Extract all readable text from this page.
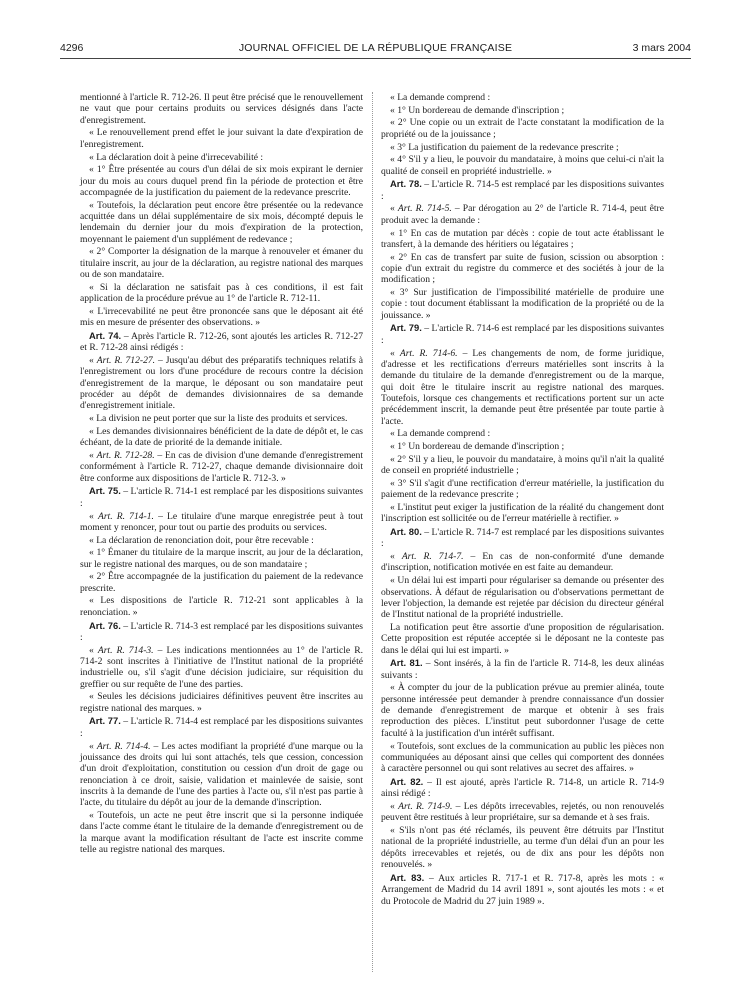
4296	JOURNAL OFFICIEL DE LA RÉPUBLIQUE FRANÇAISE	3 mars 2004

mentionné à l'article R. 712-26. Il peut être précisé que le renouvellement ne vaut que pour certains produits ou services désignés dans l'acte d'enregistrement.

« Le renouvellement prend effet le jour suivant la date d'expiration de l'enregistrement.

« La déclaration doit à peine d'irrecevabilité :

« 1° Être présentée au cours d'un délai de six mois expirant le dernier jour du mois au cours duquel prend fin la période de protection et être accompagnée de la justification du paiement de la redevance prescrite.

« Toutefois, la déclaration peut encore être présentée ou la redevance acquittée dans un délai supplémentaire de six mois, décompté depuis le lendemain du dernier jour du mois d'expiration de la protection, moyennant le paiement d'un supplément de redevance ;

« 2° Comporter la désignation de la marque à renouveler et émaner du titulaire inscrit, au jour de la déclaration, au registre national des marques ou de son mandataire.

« Si la déclaration ne satisfait pas à ces conditions, il est fait application de la procédure prévue au 1° de l'article R. 712-11.

« L'irrecevabilité ne peut être prononcée sans que le déposant ait été mis en mesure de présenter des observations. »

Art. 74. – Après l'article R. 712-26, sont ajoutés les articles R. 712-27 et R. 712-28 ainsi rédigés :

« Art. R. 712-27. – Jusqu'au début des préparatifs techniques relatifs à l'enregistrement ou lors d'une procédure de recours contre la décision d'enregistrement de la marque, le déposant ou son mandataire peut procéder au dépôt de demandes divisionnaires de sa demande d'enregistrement initiale.

« La division ne peut porter que sur la liste des produits et services.

« Les demandes divisionnaires bénéficient de la date de dépôt et, le cas échéant, de la date de priorité de la demande initiale.

« Art. R. 712-28. – En cas de division d'une demande d'enregistrement conformément à l'article R. 712-27, chaque demande divisionnaire doit être conforme aux dispositions de l'article R. 712-3. »

Art. 75. – L'article R. 714-1 est remplacé par les dispositions suivantes :

« Art. R. 714-1. – Le titulaire d'une marque enregistrée peut à tout moment y renoncer, pour tout ou partie des produits ou services.

« La déclaration de renonciation doit, pour être recevable :

« 1° Émaner du titulaire de la marque inscrit, au jour de la déclaration, sur le registre national des marques, ou de son mandataire ;

« 2° Être accompagnée de la justification du paiement de la redevance prescrite.

« Les dispositions de l'article R. 712-21 sont applicables à la renonciation. »

Art. 76. – L'article R. 714-3 est remplacé par les dispositions suivantes :

« Art. R. 714-3. – Les indications mentionnées au 1° de l'article R. 714-2 sont inscrites à l'initiative de l'Institut national de la propriété industrielle ou, s'il s'agit d'une décision judiciaire, sur réquisition du greffier ou sur requête de l'une des parties.

« Seules les décisions judiciaires définitives peuvent être inscrites au registre national des marques. »

Art. 77. – L'article R. 714-4 est remplacé par les dispositions suivantes :

« Art. R. 714-4. – Les actes modifiant la propriété d'une marque ou la jouissance des droits qui lui sont attachés, tels que cession, concession d'un droit d'exploitation, constitution ou cession d'un droit de gage ou renonciation à ce droit, saisie, validation et mainlevée de saisie, sont inscrits à la demande de l'une des parties à l'acte ou, s'il n'est pas partie à l'acte, du titulaire du dépôt au jour de la demande d'inscription.

« Toutefois, un acte ne peut être inscrit que si la personne indiquée dans l'acte comme étant le titulaire de la demande d'enregistrement ou de la marque avant la modification résultant de l'acte est inscrite comme telle au registre national des marques.

« La demande comprend :

« 1° Un bordereau de demande d'inscription ;

« 2° Une copie ou un extrait de l'acte constatant la modification de la propriété ou de la jouissance ;

« 3° La justification du paiement de la redevance prescrite ;

« 4° S'il y a lieu, le pouvoir du mandataire, à moins que celui-ci n'ait la qualité de conseil en propriété industrielle. »

Art. 78. – L'article R. 714-5 est remplacé par les dispositions suivantes :

« Art. R. 714-5. – Par dérogation au 2° de l'article R. 714-4, peut être produit avec la demande :

« 1° En cas de mutation par décès : copie de tout acte établissant le transfert, à la demande des héritiers ou légataires ;

« 2° En cas de transfert par suite de fusion, scission ou absorption : copie d'un extrait du registre du commerce et des sociétés à jour de la modification ;

« 3° Sur justification de l'impossibilité matérielle de produire une copie : tout document établissant la modification de la propriété ou de la jouissance. »

Art. 79. – L'article R. 714-6 est remplacé par les dispositions suivantes :

« Art. R. 714-6. – Les changements de nom, de forme juridique, d'adresse et les rectifications d'erreurs matérielles sont inscrits à la demande du titulaire de la demande d'enregistrement ou de la marque, qui doit être le titulaire inscrit au registre national des marques. Toutefois, lorsque ces changements et rectifications portent sur un acte précédemment inscrit, la demande peut être présentée par toute partie à l'acte.

« La demande comprend :

« 1° Un bordereau de demande d'inscription ;

« 2° S'il y a lieu, le pouvoir du mandataire, à moins qu'il n'ait la qualité de conseil en propriété industrielle ;

« 3° S'il s'agit d'une rectification d'erreur matérielle, la justification du paiement de la redevance prescrite ;

« L'institut peut exiger la justification de la réalité du changement dont l'inscription est sollicitée ou de l'erreur matérielle à rectifier. »

Art. 80. – L'article R. 714-7 est remplacé par les dispositions suivantes :

« Art. R. 714-7. – En cas de non-conformité d'une demande d'inscription, notification motivée en est faite au demandeur.

« Un délai lui est imparti pour régulariser sa demande ou présenter des observations. À défaut de régularisation ou d'observations permettant de lever l'objection, la demande est rejetée par décision du directeur général de l'Institut national de la propriété industrielle.

La notification peut être assortie d'une proposition de régularisation. Cette proposition est réputée acceptée si le déposant ne la conteste pas dans le délai qui lui est imparti. »

Art. 81. – Sont insérés, à la fin de l'article R. 714-8, les deux alinéas suivants :

« À compter du jour de la publication prévue au premier alinéa, toute personne intéressée peut demander à prendre connaissance d'un dossier de demande d'enregistrement de marque et obtenir à ses frais reproduction des pièces. L'institut peut subordonner l'usage de cette faculté à la justification d'un intérêt suffisant.

« Toutefois, sont exclues de la communication au public les pièces non communiquées au déposant ainsi que celles qui comportent des données à caractère personnel ou qui sont relatives au secret des affaires. »

Art. 82. – Il est ajouté, après l'article R. 714-8, un article R. 714-9 ainsi rédigé :

« Art. R. 714-9. – Les dépôts irrecevables, rejetés, ou non renouvelés peuvent être restitués à leur propriétaire, sur sa demande et à ses frais.

« S'ils n'ont pas été réclamés, ils peuvent être détruits par l'Institut national de la propriété industrielle, au terme d'un délai d'un an pour les dépôts irrecevables et rejetés, ou de dix ans pour les dépôts non renouvelés. »

Art. 83. – Aux articles R. 717-1 et R. 717-8, après les mots : « Arrangement de Madrid du 14 avril 1891 », sont ajoutés les mots : « et du Protocole de Madrid du 27 juin 1989 ».
